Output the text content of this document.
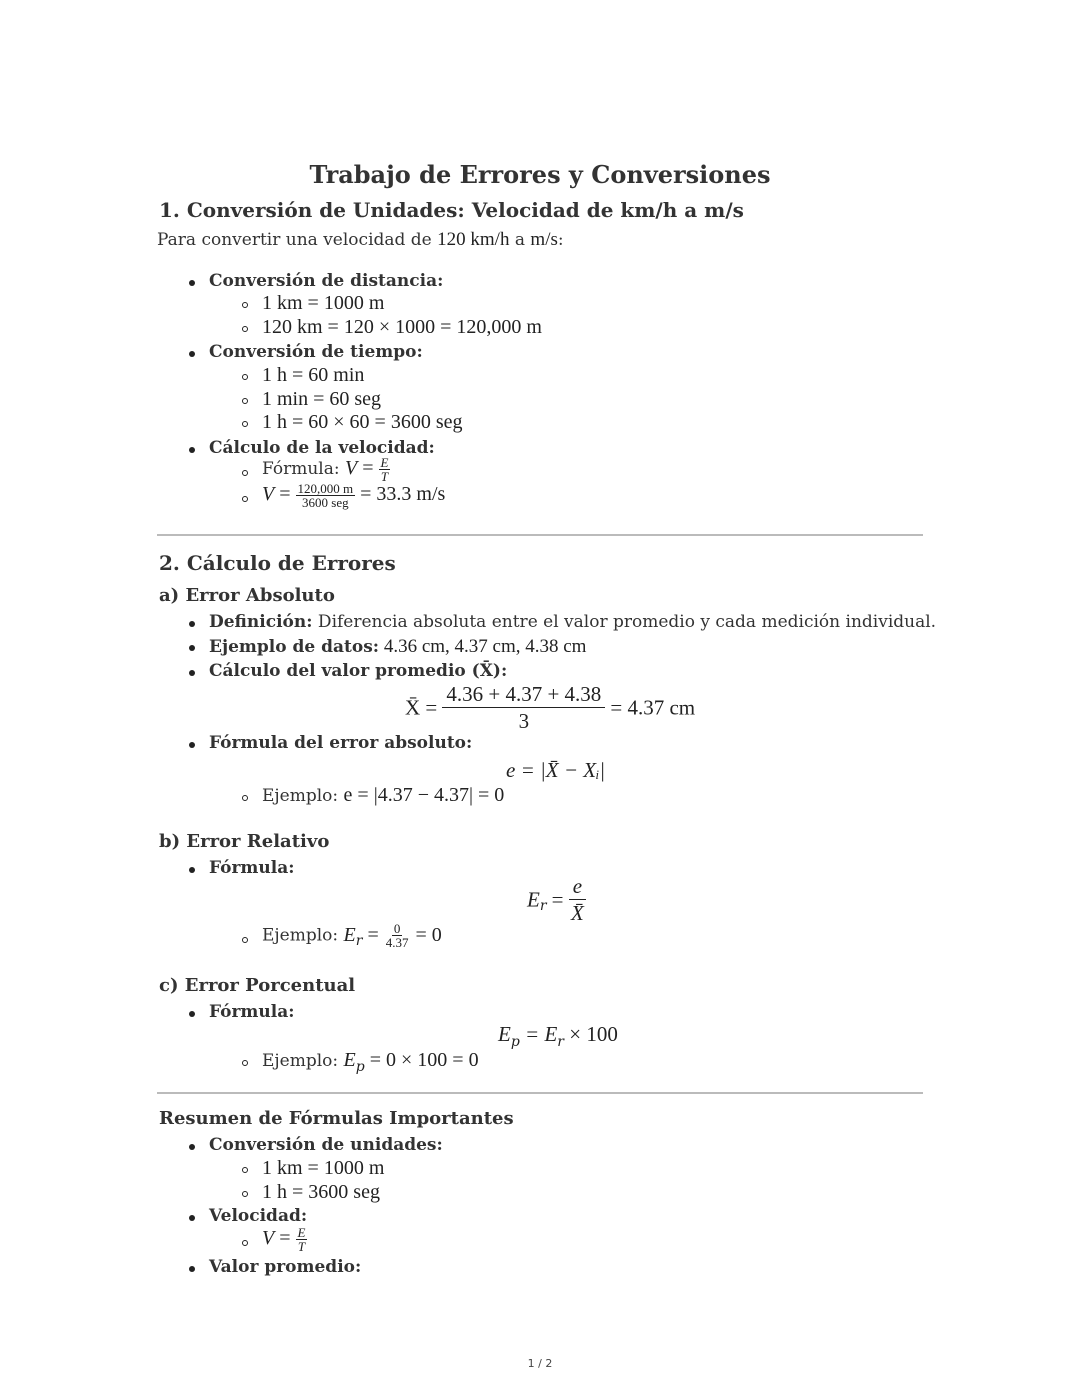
Trabajo de Errores y Conversiones
1. Conversión de Unidades: Velocidad de km/h a m/s
Para convertir una velocidad de 120 km/h a m/s:
Conversión de distancia:
1 km = 1000 m
120 km = 120 × 1000 = 120,000 m
Conversión de tiempo:
1 h = 60 min
1 min = 60 seg
1 h = 60 × 60 = 3600 seg
Cálculo de la velocidad:
Fórmula: $V = \frac{E}{T}$
$V = \frac{120,000 m}{\text{3600 seg}} = 33.3$ m/s
2. Cálculo de Errores
a) Error Absoluto
Definición: Diferencia absoluta entre el valor promedio y cada medición individual.
Ejemplo de datos: 4.36 cm, 4.37 cm, 4.38 cm
Cálculo del valor promedio (X̄):
X̄ = $\frac{4.36 + 4.37 + 4.38}{3} = 4.37$ cm
Fórmula del error absoluto:
e = |X̄ − Xᵢ|
Ejemplo: e = |4.37 − 4.37| = 0
b) Error Relativo
Fórmula:
$Er = \frac{e}{X̄}$
Ejemplo: $Er = \frac{0}{4.37} = 0$
c) Error Porcentual
Fórmula:
Ep = Er × 100
Ejemplo: Ep = 0 × 100 = 0
Resumen de Fórmulas Importantes
Conversión de unidades:
1 km = 1000 m
1 h = 3600 seg
Velocidad:
$V = \frac{E}{T}$
Valor promedio:
1 / 2
